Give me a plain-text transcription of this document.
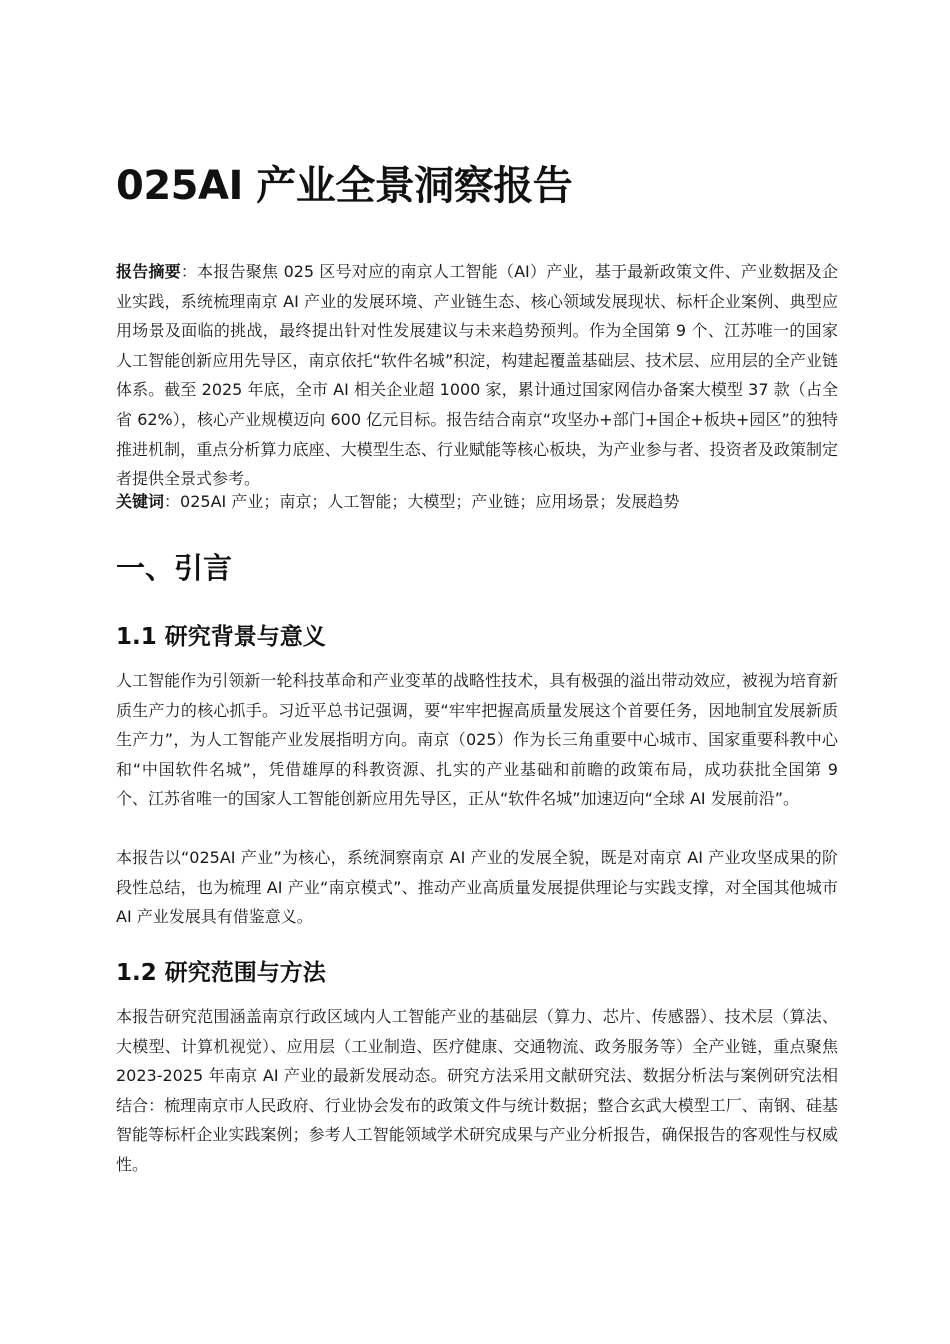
025AI 产业全景洞察报告

报告摘要：本报告聚焦 025 区号对应的南京人工智能（AI）产业，基于最新政策文件、产业数据及企业实践，系统梳理南京 AI 产业的发展环境、产业链生态、核心领域发展现状、标杆企业案例、典型应用场景及面临的挑战，最终提出针对性发展建议与未来趋势预判。作为全国第 9 个、江苏唯一的国家人工智能创新应用先导区，南京依托“软件名城”积淀，构建起覆盖基础层、技术层、应用层的全产业链体系。截至 2025 年底，全市 AI 相关企业超 1000 家，累计通过国家网信办备案大模型 37 款（占全省 62%），核心产业规模迈向 600 亿元目标。报告结合南京“攻坚办+部门+国企+板块+园区”的独特推进机制，重点分析算力底座、大模型生态、行业赋能等核心板块，为产业参与者、投资者及政策制定者提供全景式参考。

关键词：025AI 产业；南京；人工智能；大模型；产业链；应用场景；发展趋势

一、引言
1.1 研究背景与意义

人工智能作为引领新一轮科技革命和产业变革的战略性技术，具有极强的溢出带动效应，被视为培育新质生产力的核心抓手。习近平总书记强调，要“牢牢把握高质量发展这个首要任务，因地制宜发展新质生产力”，为人工智能产业发展指明方向。南京（025）作为长三角重要中心城市、国家重要科教中心和“中国软件名城”，凭借雄厚的科教资源、扎实的产业基础和前瞻的政策布局，成功获批全国第 9 个、江苏省唯一的国家人工智能创新应用先导区，正从“软件名城”加速迈向“全球 AI 发展前沿”。

本报告以“025AI 产业”为核心，系统洞察南京 AI 产业的发展全貌，既是对南京 AI 产业攻坚成果的阶段性总结，也为梳理 AI 产业“南京模式”、推动产业高质量发展提供理论与实践支撑，对全国其他城市 AI 产业发展具有借鉴意义。

1.2 研究范围与方法

本报告研究范围涵盖南京行政区域内人工智能产业的基础层（算力、芯片、传感器）、技术层（算法、大模型、计算机视觉）、应用层（工业制造、医疗健康、交通物流、政务服务等）全产业链，重点聚焦 2023-2025 年南京 AI 产业的最新发展动态。研究方法采用文献研究法、数据分析法与案例研究法相结合：梳理南京市人民政府、行业协会发布的政策文件与统计数据；整合玄武大模型工厂、南钢、硅基智能等标杆企业实践案例；参考人工智能领域学术研究成果与产业分析报告，确保报告的客观性与权威性。
